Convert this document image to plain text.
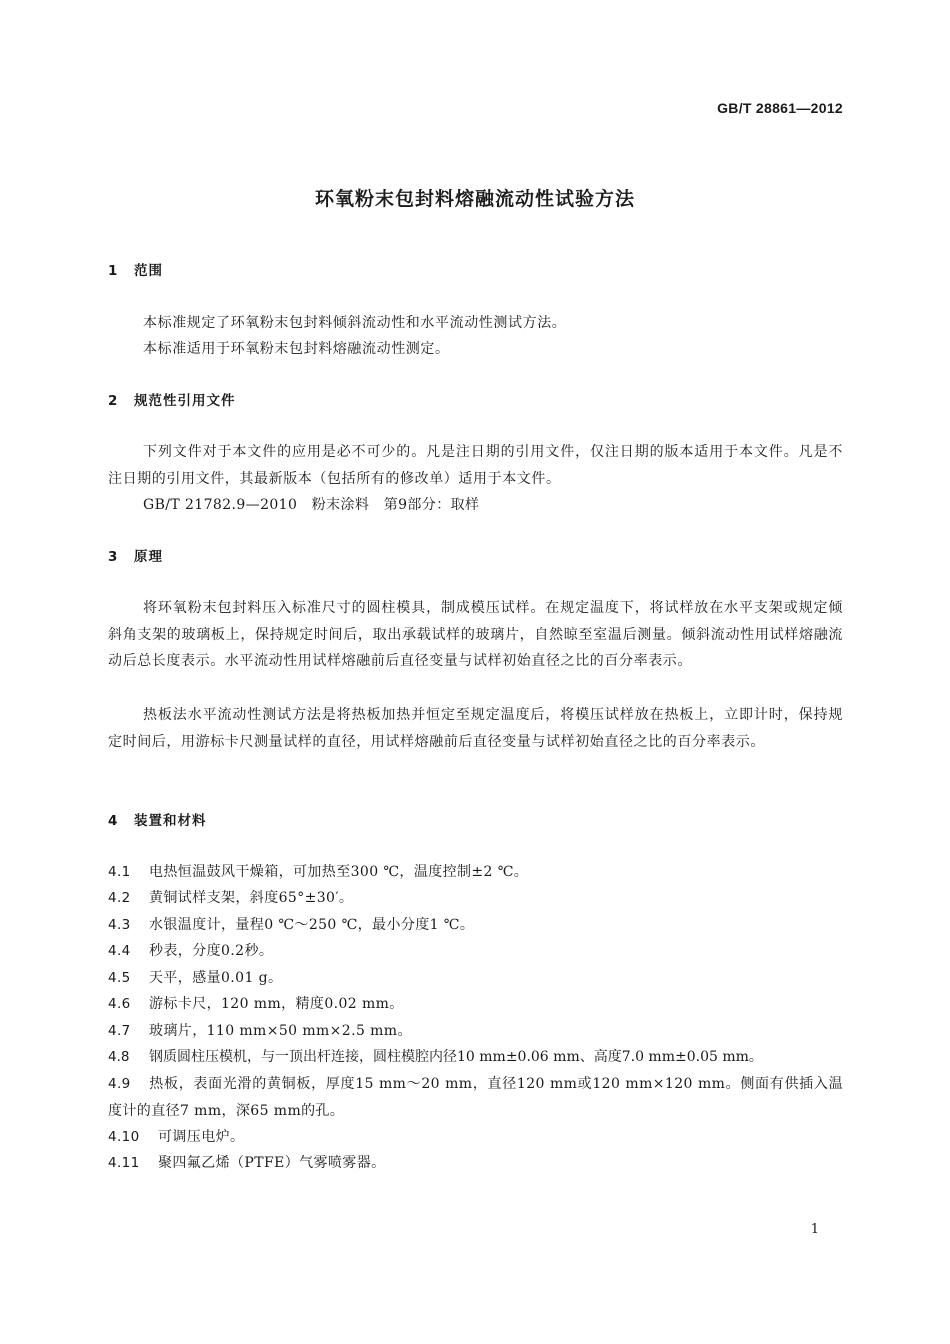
GB/T 28861—2012
环氧粉末包封料熔融流动性试验方法
1 范围
本标准规定了环氧粉末包封料倾斜流动性和水平流动性测试方法。
本标准适用于环氧粉末包封料熔融流动性测定。
2 规范性引用文件
下列文件对于本文件的应用是必不可少的。凡是注日期的引用文件，仅注日期的版本适用于本文件。凡是不注日期的引用文件，其最新版本（包括所有的修改单）适用于本文件。
GB/T 21782.9—2010　粉末涂料　第9部分：取样
3 原理
将环氧粉末包封料压入标准尺寸的圆柱模具，制成模压试样。在规定温度下，将试样放在水平支架或规定倾斜角支架的玻璃板上，保持规定时间后，取出承载试样的玻璃片，自然晾至室温后测量。倾斜流动性用试样熔融流动后总长度表示。水平流动性用试样熔融前后直径变量与试样初始直径之比的百分率表示。
热板法水平流动性测试方法是将热板加热并恒定至规定温度后，将模压试样放在热板上，立即计时，保持规定时间后，用游标卡尺测量试样的直径，用试样熔融前后直径变量与试样初始直径之比的百分率表示。
4 装置和材料
4.1 电热恒温鼓风干燥箱，可加热至300 ℃，温度控制±2 ℃。
4.2 黄铜试样支架，斜度65°±30′。
4.3 水银温度计，量程0 ℃～250 ℃，最小分度1 ℃。
4.4 秒表，分度0.2秒。
4.5 天平，感量0.01 g。
4.6 游标卡尺，120 mm，精度0.02 mm。
4.7 玻璃片，110 mm×50 mm×2.5 mm。
4.8 钢质圆柱压模机，与一顶出杆连接，圆柱模腔内径10 mm±0.06 mm、高度7.0 mm±0.05 mm。
4.9 热板，表面光滑的黄铜板，厚度15 mm～20 mm，直径120 mm或120 mm×120 mm。侧面有供插入温度计的直径7 mm，深65 mm的孔。
4.10 可调压电炉。
4.11 聚四氟乙烯（PTFE）气雾喷雾器。
1
